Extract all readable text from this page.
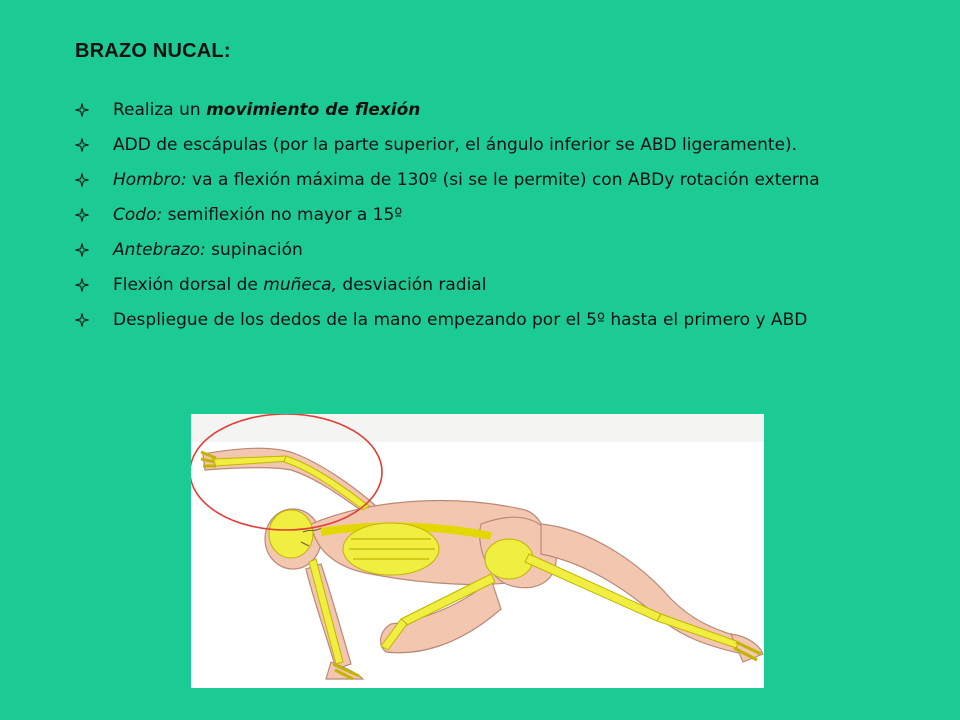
BRAZO NUCAL:
Realiza un movimiento de flexión
ADD de escápulas (por la parte superior, el ángulo inferior se ABD ligeramente).
Hombro: va a flexión máxima de 130º (si se le permite) con ABDy rotación externa
Codo: semiflexión no mayor a 15º
Antebrazo: supinación
Flexión dorsal de muñeca, desviación radial
Despliegue de los dedos de la mano empezando por el 5º hasta el primero y ABD
